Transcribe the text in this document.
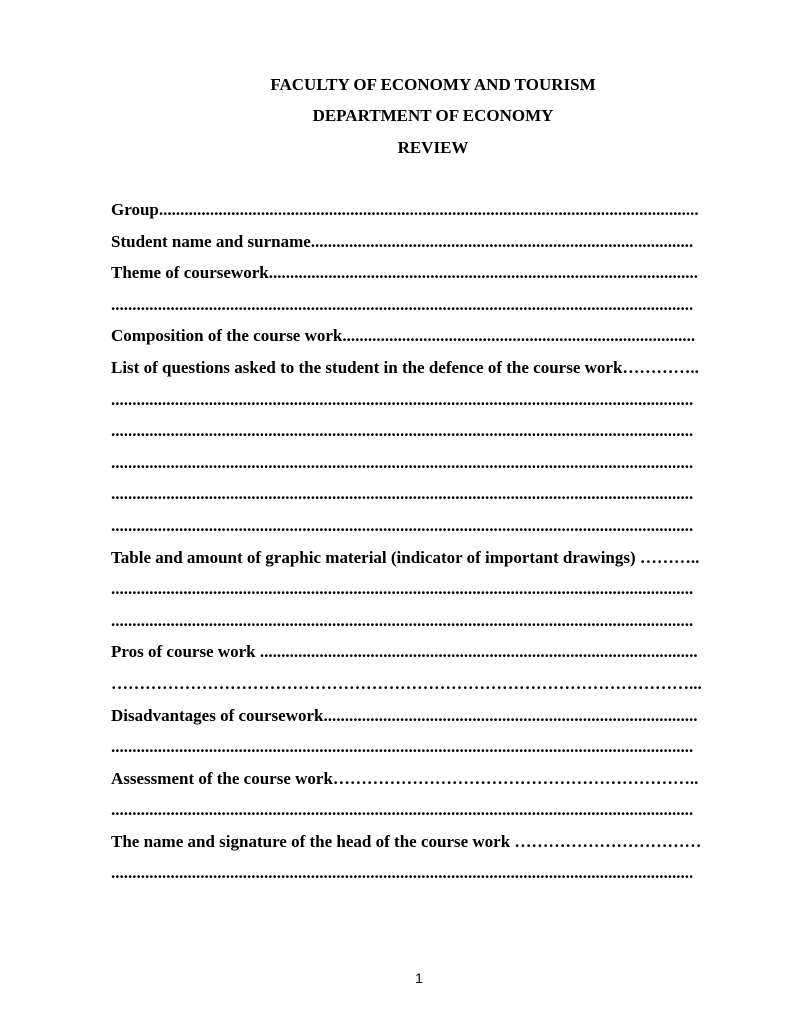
FACULTY OF ECONOMY AND TOURISM
DEPARTMENT OF ECONOMY
REVIEW
Group...............................................................................................................................
Student name and surname..........................................................................................
Theme of coursework.....................................................................................................
.........................................................................................................................................
Composition of the course work...................................................................................
List of questions asked to the student in the defence of the course work…………..
.........................................................................................................................................
.........................................................................................................................................
.........................................................................................................................................
.........................................................................................................................................
.........................................................................................................................................
Table and amount of graphic material (indicator of important drawings) ………..
.........................................................................................................................................
.........................................................................................................................................
Pros of course work .......................................................................................................
…………………………………………………………………………………………...
Disadvantages of coursework........................................................................................
.........................................................................................................................................
Assessment of the course work………………………………………………………..
.........................................................................................................................................
The name and signature of the head of the course work ……………………………
.........................................................................................................................................
1
